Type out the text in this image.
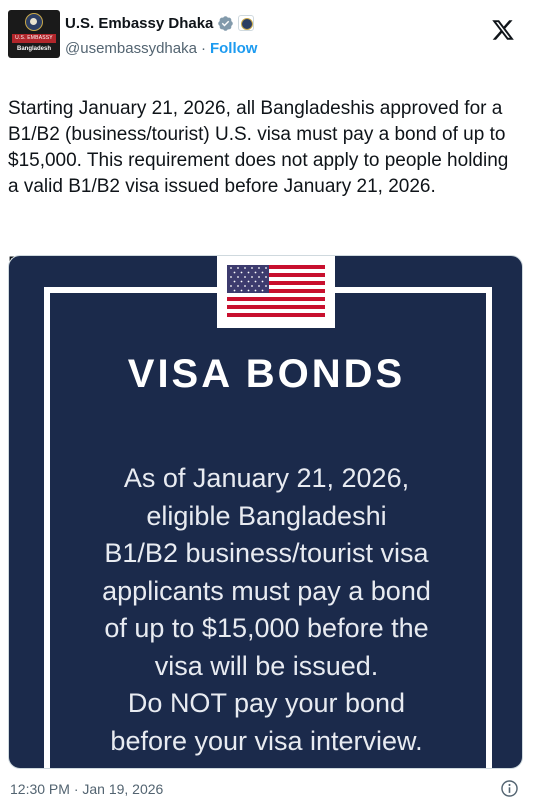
U.S. EMBASSY
Bangladesh
U.S. Embassy Dhaka
@usembassydhaka · Follow

Starting January 21, 2026, all Bangladeshis approved for a B1/B2 (business/tourist) U.S. visa must pay a bond of up to $15,000. This requirement does not apply to people holding a valid B1/B2 visa issued before January 21, 2026.

VISA BONDS
As of January 21, 2026,
eligible Bangladeshi
B1/B2 business/tourist visa
applicants must pay a bond
of up to $15,000 before the
visa will be issued.
Do NOT pay your bond
before your visa interview.
12:30 PM · Jan 19, 2026
